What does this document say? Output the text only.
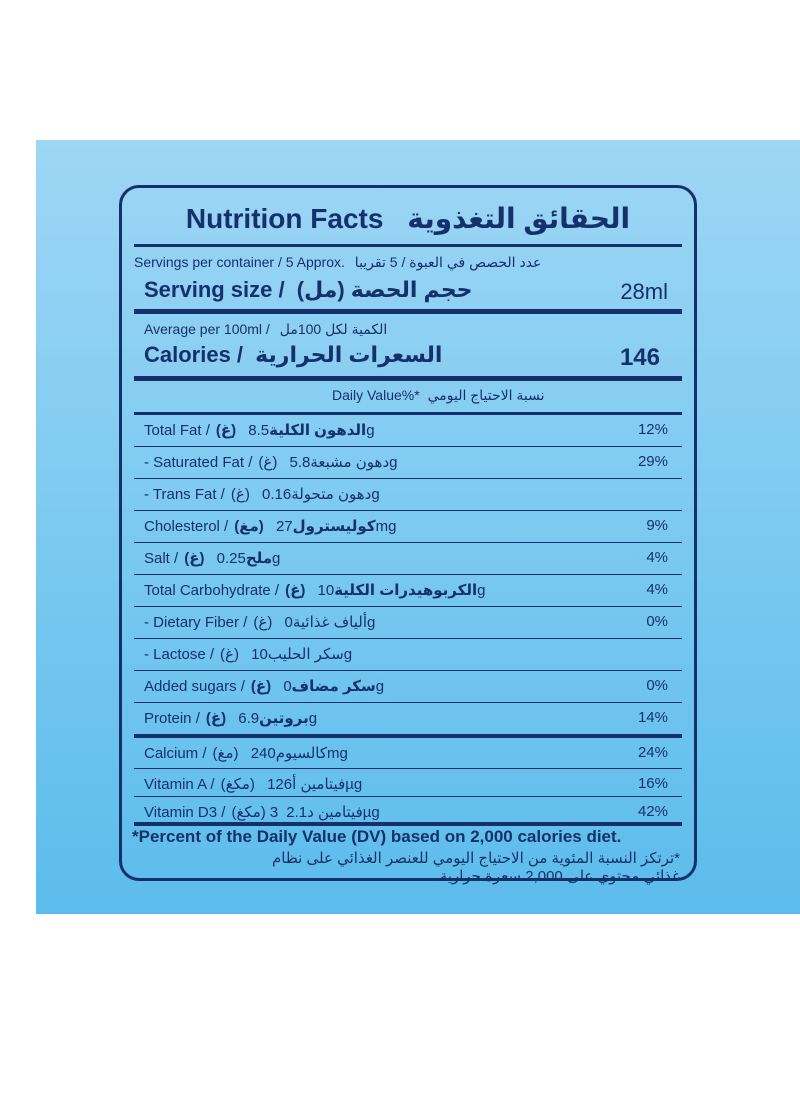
Nutrition Facts الحقائق التغذوية
Servings per container / 5 Approx. عدد الحصص في العبوة / 5 تقريبا
Serving size / حجم الحصة (مل)	28ml
Average per 100ml / الكمية لكل 100مل
Calories / السعرات الحرارية	146
Daily Value%* نسبة الاحتياج اليومي
Total Fat / (غ) الدهون الكلية8.5g	12%
- Saturated Fat / (غ) دهون مشبعة5.8g	29%
- Trans Fat / (غ) دهون متحولة0.16g
Cholesterol / (مغ) كوليسترول27mg	9%
Salt / (غ) ملح0.25g	4%
Total Carbohydrate / (غ) الكربوهيدرات الكلية10g	4%
- Dietary Fiber / (غ) ألياف غذائية0g	0%
- Lactose / (غ) سكر الحليب10g
Added sugars / (غ) سكر مضاف0g	0%
Protein / (غ) بروتين6.9g	14%
Calcium / (مغ) كالسيوم240mg	24%
Vitamin A / (مكغ) فيتامين أ126µg	16%
Vitamin D3 / (مكغ) فيتامين د32.1µg	42%
*Percent of the Daily Value (DV) based on 2,000 calories diet.
*ترتكز النسبة المئوية من الاحتياج اليومي للعنصر الغذائي على نظام
غذائي محتوي على 2,000 سعرة حرارية.
